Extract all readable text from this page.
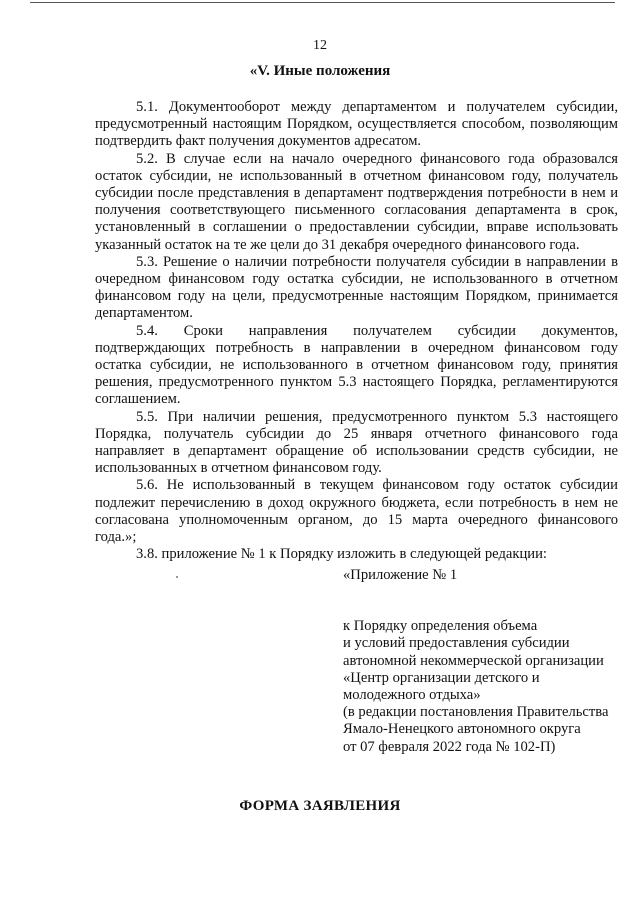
12
«V. Иные положения

5.1. Документооборот между департаментом и получателем субсидии, предусмотренный настоящим Порядком, осуществляется способом, позволяющим подтвердить факт получения документов адресатом.

5.2. В случае если на начало очередного финансового года образовался остаток субсидии, не использованный в отчетном финансовом году, получатель субсидии после представления в департамент подтверждения потребности в нем и получения соответствующего письменного согласования департамента в срок, установленный в соглашении о предоставлении субсидии, вправе использовать указанный остаток на те же цели до 31 декабря очередного финансового года.

5.3. Решение о наличии потребности получателя субсидии в направлении в очередном финансовом году остатка субсидии, не использованного в отчетном финансовом году на цели, предусмотренные настоящим Порядком, принимается департаментом.

5.4. Сроки направления получателем субсидии документов, подтверждающих потребность в направлении в очередном финансовом году остатка субсидии, не использованного в отчетном финансовом году, принятия решения, предусмотренного пунктом 5.3 настоящего Порядка, регламентируются соглашением.

5.5. При наличии решения, предусмотренного пунктом 5.3 настоящего Порядка, получатель субсидии до 25 января отчетного финансового года направляет в департамент обращение об использовании средств субсидии, не использованных в отчетном финансовом году.

5.6. Не использованный в текущем финансовом году остаток субсидии подлежит перечислению в доход окружного бюджета, если потребность в нем не согласована уполномоченным органом, до 15 марта очередного финансового года.»;

3.8. приложение № 1 к Порядку изложить в следующей редакции:

«Приложение № 1
к Порядку определения объема
и условий предоставления субсидии
автономной некоммерческой организации
«Центр организации детского и
молодежного отдыха»
(в редакции постановления Правительства
Ямало-Ненецкого автономного округа
от 07 февраля 2022 года № 102-П)
ФОРМА ЗАЯВЛЕНИЯ
